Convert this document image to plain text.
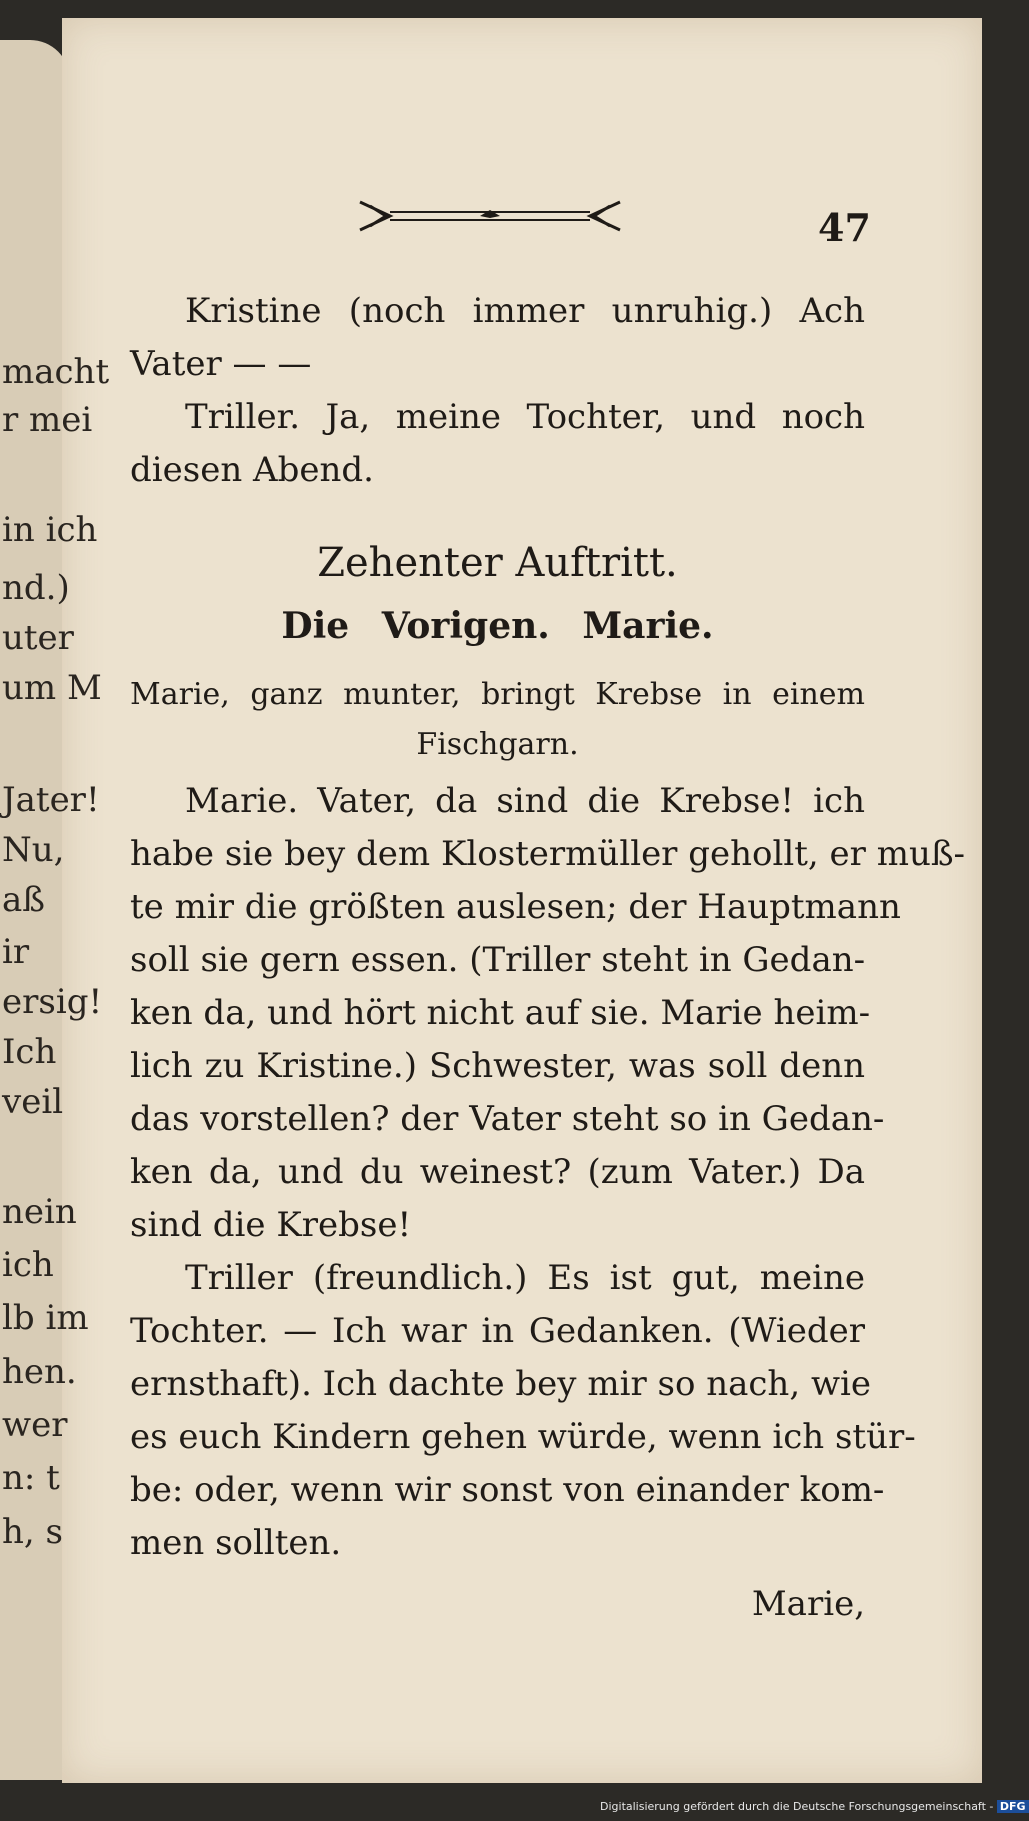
macht
r mei
in ich
nd.)
uter
um M
Jater!
Nu,
aß
ir
ersig!
Ich
veil
nein
ich
lb im
hen.
wer
n: t
h, s
47
Kristine (noch immer unruhig.) Ach
Vater — —
Triller. Ja, meine Tochter, und noch
diesen Abend.
Zehenter Auftritt.
Die Vorigen. Marie.
Marie, ganz munter, bringt Krebse in einem
Fischgarn.
Marie. Vater, da sind die Krebse! ich
habe sie bey dem Klostermüller gehollt, er muß-
te mir die größten auslesen; der Hauptmann
soll sie gern essen. (Triller steht in Gedan-
ken da, und hört nicht auf sie. Marie heim-
lich zu Kristine.) Schwester, was soll denn
das vorstellen? der Vater steht so in Gedan-
ken da, und du weinest? (zum Vater.) Da
sind die Krebse!
Triller (freundlich.) Es ist gut, meine
Tochter. — Ich war in Gedanken. (Wieder
ernsthaft). Ich dachte bey mir so nach, wie
es euch Kindern gehen würde, wenn ich stür-
be: oder, wenn wir sonst von einander kom-
men sollten.
Marie,
Digitalisierung gefördert durch die Deutsche Forschungsgemeinschaft - DFG
